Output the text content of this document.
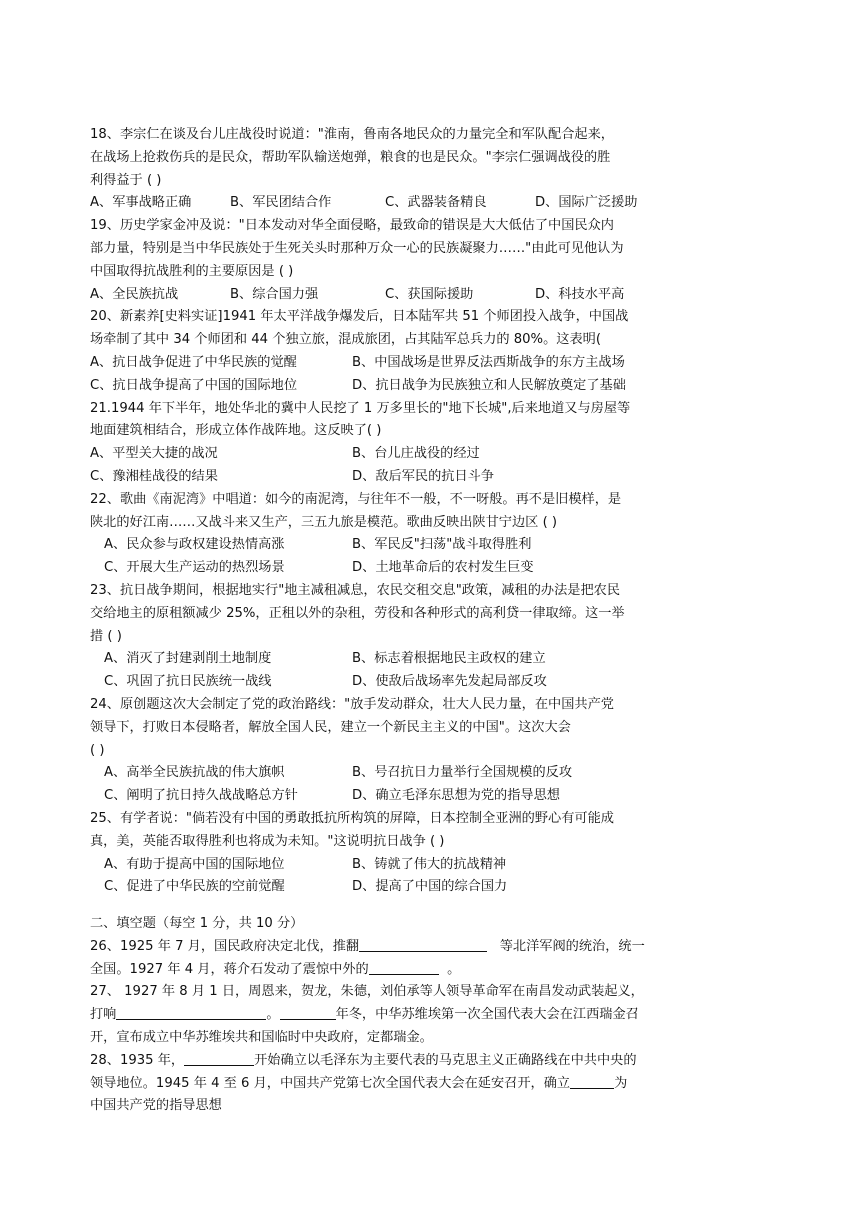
18、李宗仁在谈及台儿庄战役时说道："淮南，鲁南各地民众的力量完全和军队配合起来，
在战场上抢救伤兵的是民众，帮助军队输送炮弹，粮食的也是民众。"李宗仁强调战役的胜
利得益于 ( )
A、军事战略正确	B、军民团结合作	C、武器装备精良	D、国际广泛援助
19、历史学家金冲及说："日本发动对华全面侵略，最致命的错误是大大低估了中国民众内
部力量，特别是当中华民族处于生死关头时那种万众一心的民族凝聚力……"由此可见他认为
中国取得抗战胜利的主要原因是 ( )
A、全民族抗战	B、综合国力强	C、获国际援助	D、科技水平高
20、新素养[史料实证]1941 年太平洋战争爆发后，日本陆军共 51 个师团投入战争，中国战
场牵制了其中 34 个师团和 44 个独立旅，混成旅团，占其陆军总兵力的 80%。这表明(
A、抗日战争促进了中华民族的觉醒	B、中国战场是世界反法西斯战争的东方主战场
C、抗日战争提高了中国的国际地位	D、抗日战争为民族独立和人民解放奠定了基础
21.1944 年下半年，地处华北的冀中人民挖了 1 万多里长的"地下长城",后来地道又与房屋等
地面建筑相结合，形成立体作战阵地。这反映了( )
A、平型关大捷的战况	B、台儿庄战役的经过
C、豫湘桂战役的结果	D、敌后军民的抗日斗争
22、歌曲《南泥湾》中唱道：如今的南泥湾，与往年不一般，不一呀般。再不是旧模样，是
陕北的好江南……又战斗来又生产，三五九旅是模范。歌曲反映出陕甘宁边区 ( )
A、民众参与政权建设热情高涨	B、军民反"扫荡"战斗取得胜利
C、开展大生产运动的热烈场景	D、土地革命后的农村发生巨变
23、抗日战争期间，根据地实行"地主减租减息，农民交租交息"政策，减租的办法是把农民
交给地主的原租额减少 25%，正租以外的杂租，劳役和各种形式的高利贷一律取缔。这一举
措 ( )
A、消灭了封建剥削土地制度	B、标志着根据地民主政权的建立
C、巩固了抗日民族统一战线	D、使敌后战场率先发起局部反攻
24、原创题这次大会制定了党的政治路线："放手发动群众，壮大人民力量，在中国共产党
领导下，打败日本侵略者，解放全国人民，建立一个新民主主义的中国"。这次大会
( )
A、高举全民族抗战的伟大旗帜	B、号召抗日力量举行全国规模的反攻
C、阐明了抗日持久战战略总方针	D、确立毛泽东思想为党的指导思想
25、有学者说："倘若没有中国的勇敢抵抗所构筑的屏障，日本控制全亚洲的野心有可能成
真，美，英能否取得胜利也将成为未知。"这说明抗日战争 ( )
A、有助于提高中国的国际地位	B、铸就了伟大的抗战精神
C、促进了中华民族的空前觉醒	D、提高了中国的综合国力
二、填空题（每空 1 分，共 10 分）
26、1925 年 7 月，国民政府决定北伐，推翻	等北洋军阀的统治，统一
全国。1927 年 4 月，蒋介石发动了震惊中外的	。
27、 1927 年 8 月 1 日，周恩来，贺龙，朱德，刘伯承等人领导革命军在南昌发动武装起义，
打响	。	年冬，中华苏维埃第一次全国代表大会在江西瑞金召
开，宣布成立中华苏维埃共和国临时中央政府，定都瑞金。
28、1935 年，	开始确立以毛泽东为主要代表的马克思主义正确路线在中共中央的
领导地位。1945 年 4 至 6 月，中国共产党第七次全国代表大会在延安召开，确立	为
中国共产党的指导思想
